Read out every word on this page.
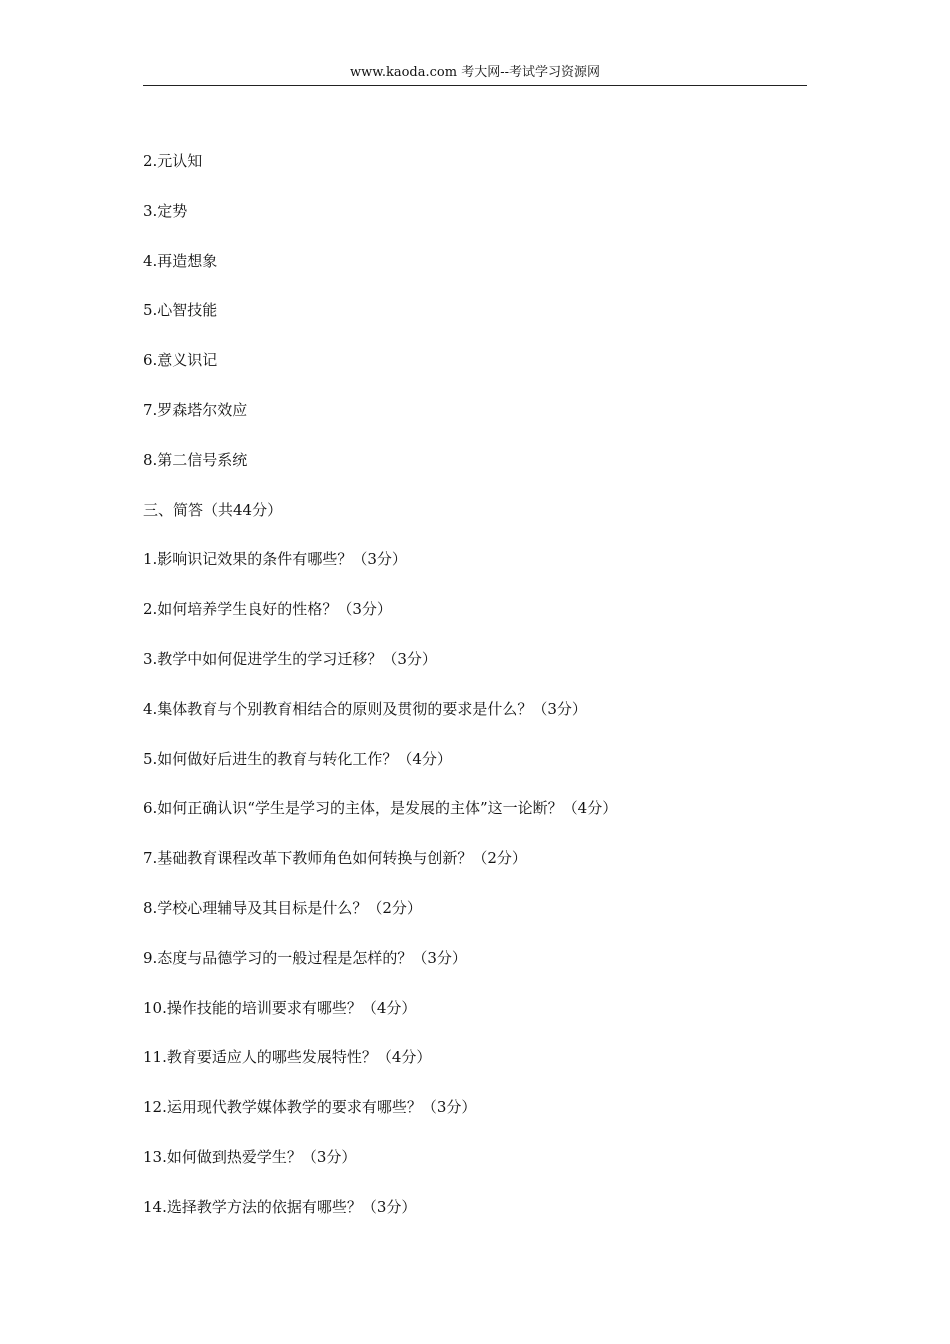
www.kaoda.com 考大网--考试学习资源网
2.元认知
3.定势
4.再造想象
5.心智技能
6.意义识记
7.罗森塔尔效应
8.第二信号系统
三、简答（共44分）
1.影响识记效果的条件有哪些？（3分）
2.如何培养学生良好的性格？（3分）
3.教学中如何促进学生的学习迁移？（3分）
4.集体教育与个别教育相结合的原则及贯彻的要求是什么？（3分）
5.如何做好后进生的教育与转化工作？（4分）
6.如何正确认识“学生是学习的主体，是发展的主体”这一论断？（4分）
7.基础教育课程改革下教师角色如何转换与创新？（2分）
8.学校心理辅导及其目标是什么？（2分）
9.态度与品德学习的一般过程是怎样的？（3分）
10.操作技能的培训要求有哪些？（4分）
11.教育要适应人的哪些发展特性？（4分）
12.运用现代教学媒体教学的要求有哪些？（3分）
13.如何做到热爱学生？（3分）
14.选择教学方法的依据有哪些？（3分）
